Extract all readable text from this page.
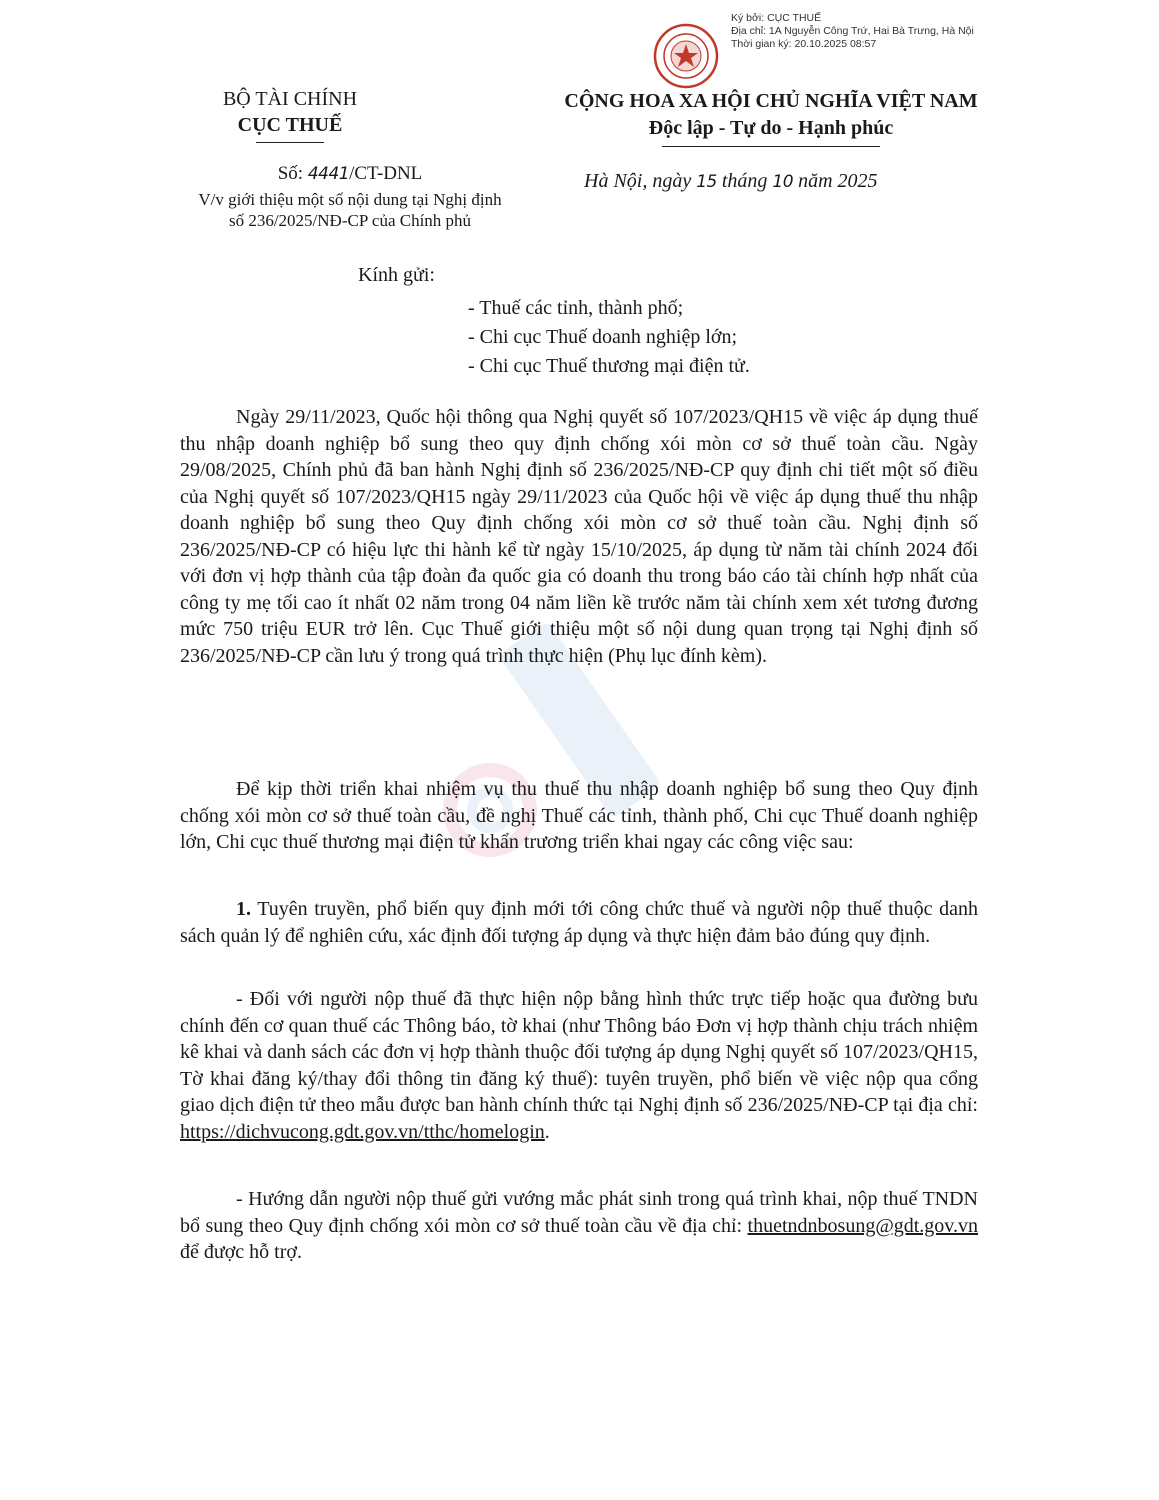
Ký bởi: CỤC THUẾ
Địa chỉ: 1A Nguyễn Công Trứ, Hai Bà Trưng, Hà Nội
Thời gian ký: 20.10.2025 08:57
BỘ TÀI CHÍNH
CỤC THUẾ
CỘNG HOA XA HỘI CHỦ NGHĨA VIỆT NAM
Độc lập - Tự do - Hạnh phúc
Số: 4441/CT-DNL
V/v giới thiệu một số nội dung tại Nghị định
số 236/2025/NĐ-CP của Chính phủ
Hà Nội, ngày 15 tháng 10 năm 2025
Kính gửi:
- Thuế các tỉnh, thành phố;
- Chi cục Thuế doanh nghiệp lớn;
- Chi cục Thuế thương mại điện tử.

Ngày 29/11/2023, Quốc hội thông qua Nghị quyết số 107/2023/QH15 về việc áp dụng thuế thu nhập doanh nghiệp bổ sung theo quy định chống xói mòn cơ sở thuế toàn cầu. Ngày 29/08/2025, Chính phủ đã ban hành Nghị định số 236/2025/NĐ-CP quy định chi tiết một số điều của Nghị quyết số 107/2023/QH15 ngày 29/11/2023 của Quốc hội về việc áp dụng thuế thu nhập doanh nghiệp bổ sung theo Quy định chống xói mòn cơ sở thuế toàn cầu. Nghị định số 236/2025/NĐ-CP có hiệu lực thi hành kể từ ngày 15/10/2025, áp dụng từ năm tài chính 2024 đối với đơn vị hợp thành của tập đoàn đa quốc gia có doanh thu trong báo cáo tài chính hợp nhất của công ty mẹ tối cao ít nhất 02 năm trong 04 năm liền kề trước năm tài chính xem xét tương đương mức 750 triệu EUR trở lên. Cục Thuế giới thiệu một số nội dung quan trọng tại Nghị định số 236/2025/NĐ-CP cần lưu ý trong quá trình thực hiện (Phụ lục đính kèm).

Để kịp thời triển khai nhiệm vụ thu thuế thu nhập doanh nghiệp bổ sung theo Quy định chống xói mòn cơ sở thuế toàn cầu, đề nghị Thuế các tỉnh, thành phố, Chi cục Thuế doanh nghiệp lớn, Chi cục thuế thương mại điện tử khẩn trương triển khai ngay các công việc sau:

1. Tuyên truyền, phổ biến quy định mới tới công chức thuế và người nộp thuế thuộc danh sách quản lý để nghiên cứu, xác định đối tượng áp dụng và thực hiện đảm bảo đúng quy định.

- Đối với người nộp thuế đã thực hiện nộp bằng hình thức trực tiếp hoặc qua đường bưu chính đến cơ quan thuế các Thông báo, tờ khai (như Thông báo Đơn vị hợp thành chịu trách nhiệm kê khai và danh sách các đơn vị hợp thành thuộc đối tượng áp dụng Nghị quyết số 107/2023/QH15, Tờ khai đăng ký/thay đổi thông tin đăng ký thuế): tuyên truyền, phổ biến về việc nộp qua cổng giao dịch điện tử theo mẫu được ban hành chính thức tại Nghị định số 236/2025/NĐ-CP tại địa chỉ: https://dichvucong.gdt.gov.vn/tthc/homelogin.

- Hướng dẫn người nộp thuế gửi vướng mắc phát sinh trong quá trình khai, nộp thuế TNDN bổ sung theo Quy định chống xói mòn cơ sở thuế toàn cầu về địa chỉ: thuetndnbosung@gdt.gov.vn để được hỗ trợ.
